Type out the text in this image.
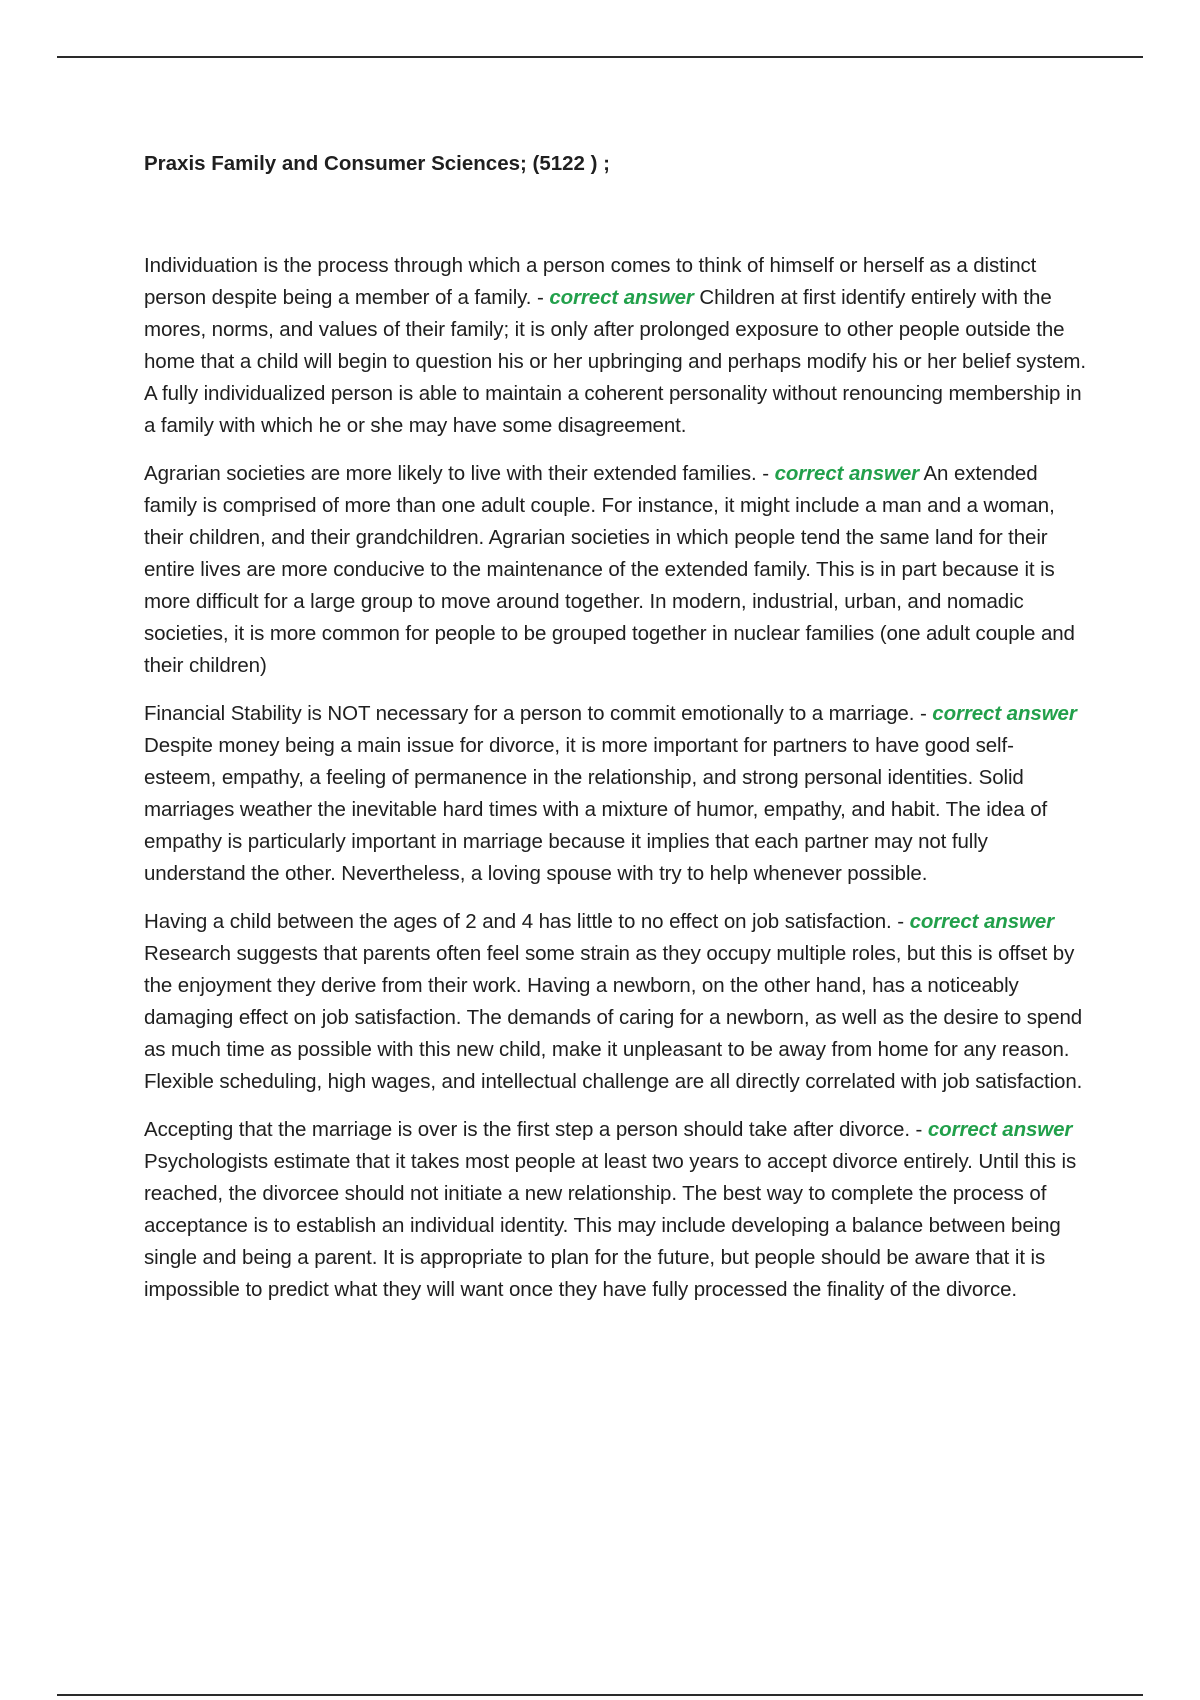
Praxis Family and Consumer Sciences; (5122 ) ;

Individuation is the process through which a person comes to think of himself or herself as a distinct person despite being a member of a family. - correct answer Children at first identify entirely with the mores, norms, and values of their family; it is only after prolonged exposure to other people outside the home that a child will begin to question his or her upbringing and perhaps modify his or her belief system. A fully individualized person is able to maintain a coherent personality without renouncing membership in a family with which he or she may have some disagreement.

Agrarian societies are more likely to live with their extended families. - correct answer An extended family is comprised of more than one adult couple. For instance, it might include a man and a woman, their children, and their grandchildren. Agrarian societies in which people tend the same land for their entire lives are more conducive to the maintenance of the extended family. This is in part because it is more difficult for a large group to move around together. In modern, industrial, urban, and nomadic societies, it is more common for people to be grouped together in nuclear families (one adult couple and their children)

Financial Stability is NOT necessary for a person to commit emotionally to a marriage. - correct answer Despite money being a main issue for divorce, it is more important for partners to have good self-esteem, empathy, a feeling of permanence in the relationship, and strong personal identities. Solid marriages weather the inevitable hard times with a mixture of humor, empathy, and habit. The idea of empathy is particularly important in marriage because it implies that each partner may not fully understand the other. Nevertheless, a loving spouse with try to help whenever possible.

Having a child between the ages of 2 and 4 has little to no effect on job satisfaction. - correct answer Research suggests that parents often feel some strain as they occupy multiple roles, but this is offset by the enjoyment they derive from their work. Having a newborn, on the other hand, has a noticeably damaging effect on job satisfaction. The demands of caring for a newborn, as well as the desire to spend as much time as possible with this new child, make it unpleasant to be away from home for any reason. Flexible scheduling, high wages, and intellectual challenge are all directly correlated with job satisfaction.

Accepting that the marriage is over is the first step a person should take after divorce. - correct answer Psychologists estimate that it takes most people at least two years to accept divorce entirely. Until this is reached, the divorcee should not initiate a new relationship. The best way to complete the process of acceptance is to establish an individual identity. This may include developing a balance between being single and being a parent. It is appropriate to plan for the future, but people should be aware that it is impossible to predict what they will want once they have fully processed the finality of the divorce.
